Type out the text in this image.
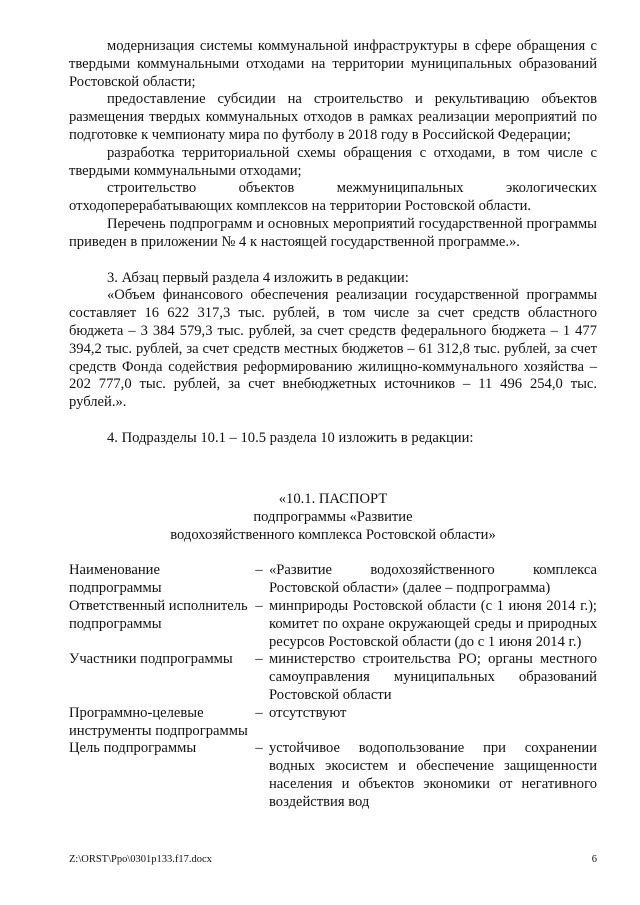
модернизация системы коммунальной инфраструктуры в сфере обращения с твердыми коммунальными отходами на территории муниципальных образований Ростовской области;

предоставление субсидии на строительство и рекультивацию объектов размещения твердых коммунальных отходов в рамках реализации мероприятий по подготовке к чемпионату мира по футболу в 2018 году в Российской Федерации;

разработка территориальной схемы обращения с отходами, в том числе с твердыми коммунальными отходами;

строительство объектов межмуниципальных экологических отходоперерабатывающих комплексов на территории Ростовской области.

Перечень подпрограмм и основных мероприятий государственной программы приведен в приложении № 4 к настоящей государственной программе.».

3. Абзац первый раздела 4 изложить в редакции:

«Объем финансового обеспечения реализации государственной программы составляет 16 622 317,3 тыс. рублей, в том числе за счет средств областного бюджета – 3 384 579,3 тыс. рублей, за счет средств федерального бюджета – 1 477 394,2 тыс. рублей, за счет средств местных бюджетов – 61 312,8 тыс. рублей, за счет средств Фонда содействия реформированию жилищно-коммунального хозяйства – 202 777,0 тыс. рублей, за счет внебюджетных источников – 11 496 254,0 тыс. рублей.».

4. Подразделы 10.1 – 10.5 раздела 10 изложить в редакции:

«10.1. ПАСПОРТ
подпрограммы «Развитие
водохозяйственного комплекса Ростовской области»
Наименование подпрограммы
– «Развитие водохозяйственного комплекса Ростовской области» (далее – подпрограмма)
Ответственный исполнитель подпрограммы
– минприроды Ростовской области (с 1 июня 2014 г.); комитет по охране окружающей среды и природных ресурсов Ростовской области (до с 1 июня 2014 г.)
Участники подпрограммы	– министерство строительства РО; органы местного самоуправления муниципальных образований Ростовской области
Программно-целевые инструменты подпрограммы
– отсутствуют
Цель подпрограммы	– устойчивое водопользование при сохранении водных экосистем и обеспечение защищенности населения и объектов экономики от негативного воздействия вод
Z:\ORST\Ppo\0301p133.f17.docx	6
